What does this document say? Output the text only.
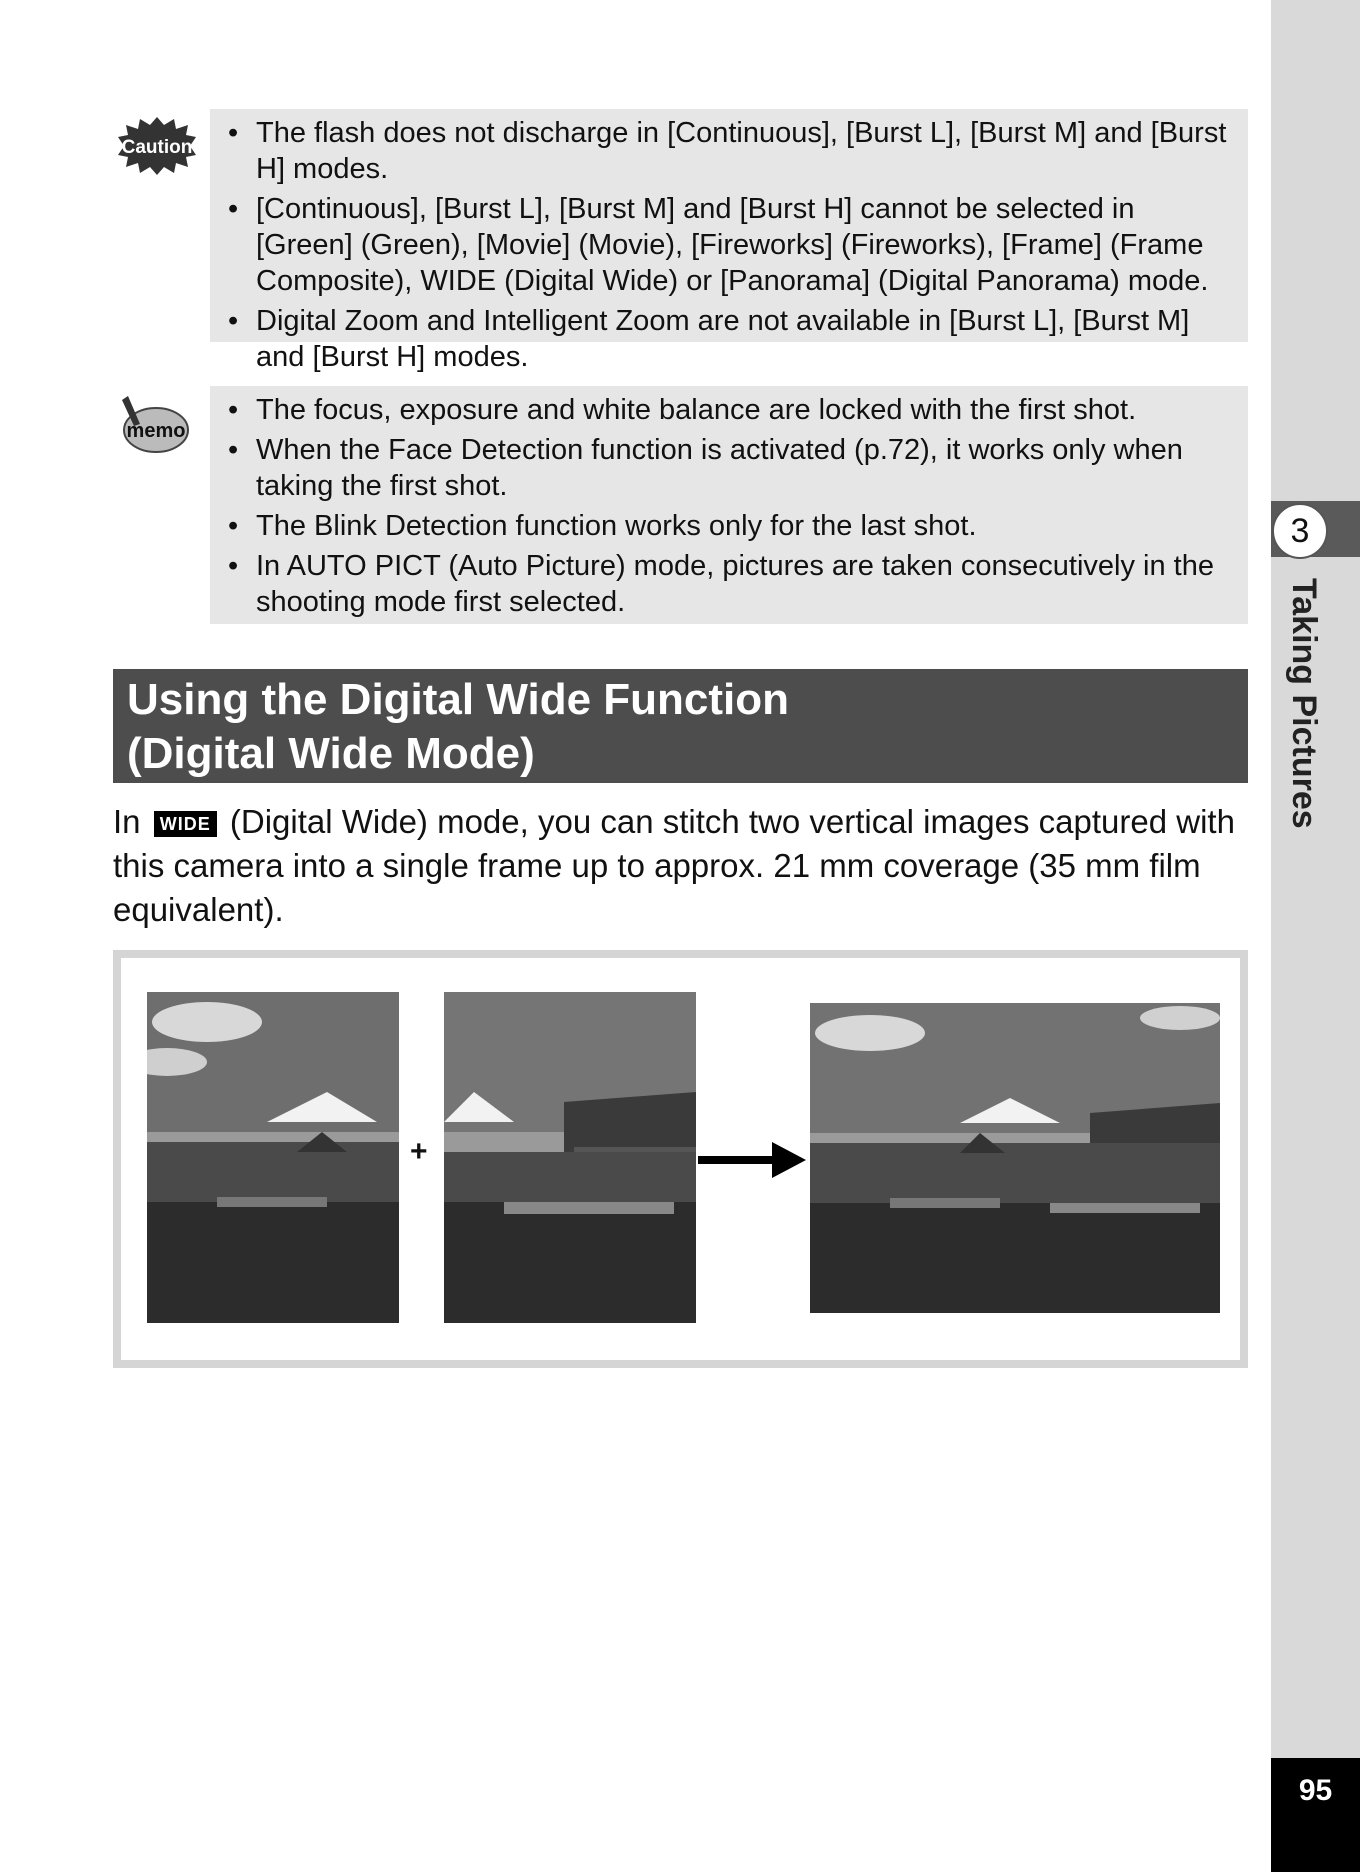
3
Taking Pictures
95
Caution
•	The flash does not discharge in [Continuous], [Burst L], [Burst M] and [Burst H] modes.
• [Continuous], [Burst L], [Burst M] and [Burst H] cannot be selected in [Green] (Green), [Movie] (Movie), [Fireworks] (Fireworks), [Frame] (Frame Composite), WIDE (Digital Wide) or [Panorama] (Digital Panorama) mode.
• Digital Zoom and Intelligent Zoom are not available in [Burst L], [Burst M] and [Burst H] modes.
memo
• The focus, exposure and white balance are locked with the first shot.
• When the Face Detection function is activated (p.72), it works only when taking the first shot.
• The Blink Detection function works only for the last shot.
• In AUTO PICT (Auto Picture) mode, pictures are taken consecutively in the shooting mode first selected.
Using the Digital Wide Function
(Digital Wide Mode)
In WIDE (Digital Wide) mode, you can stitch two vertical images captured with this camera into a single frame up to approx. 21 mm coverage (35 mm film equivalent).
+
